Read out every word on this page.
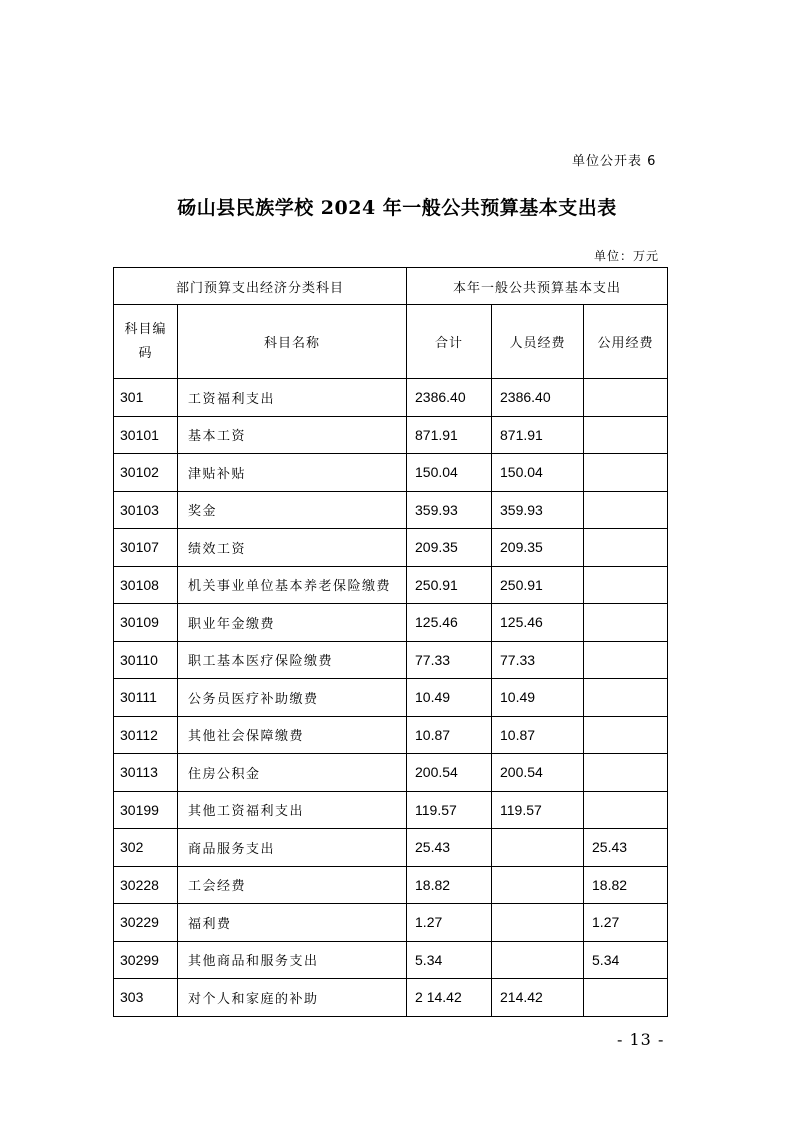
单位公开表 6
砀山县民族学校 2024 年一般公共预算基本支出表
单位：万元
部门预算支出经济分类科目		本年一般公共预算基本支出		
科目编码	科目名称	合计	人员经费	公用经费
301	工资福利支出	2386.40	2386.40	
30101	基本工资	871.91	871.91	
30102	津贴补贴	150.04	150.04	
30103	奖金	359.93	359.93	
30107	绩效工资	209.35	209.35	
30108	机关事业单位基本养老保险缴费	250.91	250.91	
30109	职业年金缴费	125.46	125.46	
30110	职工基本医疗保险缴费	77.33	77.33	
30111	公务员医疗补助缴费	10.49	10.49	
30112	其他社会保障缴费	10.87	10.87	
30113	住房公积金	200.54	200.54	
30199	其他工资福利支出	119.57	119.57	
302	商品服务支出	25.43		25.43
30228	工会经费	18.82		18.82
30229	福利费	1.27		1.27
30299	其他商品和服务支出	5.34		5.34
303	对个人和家庭的补助	2 14.42	214.42	
- 13 -
